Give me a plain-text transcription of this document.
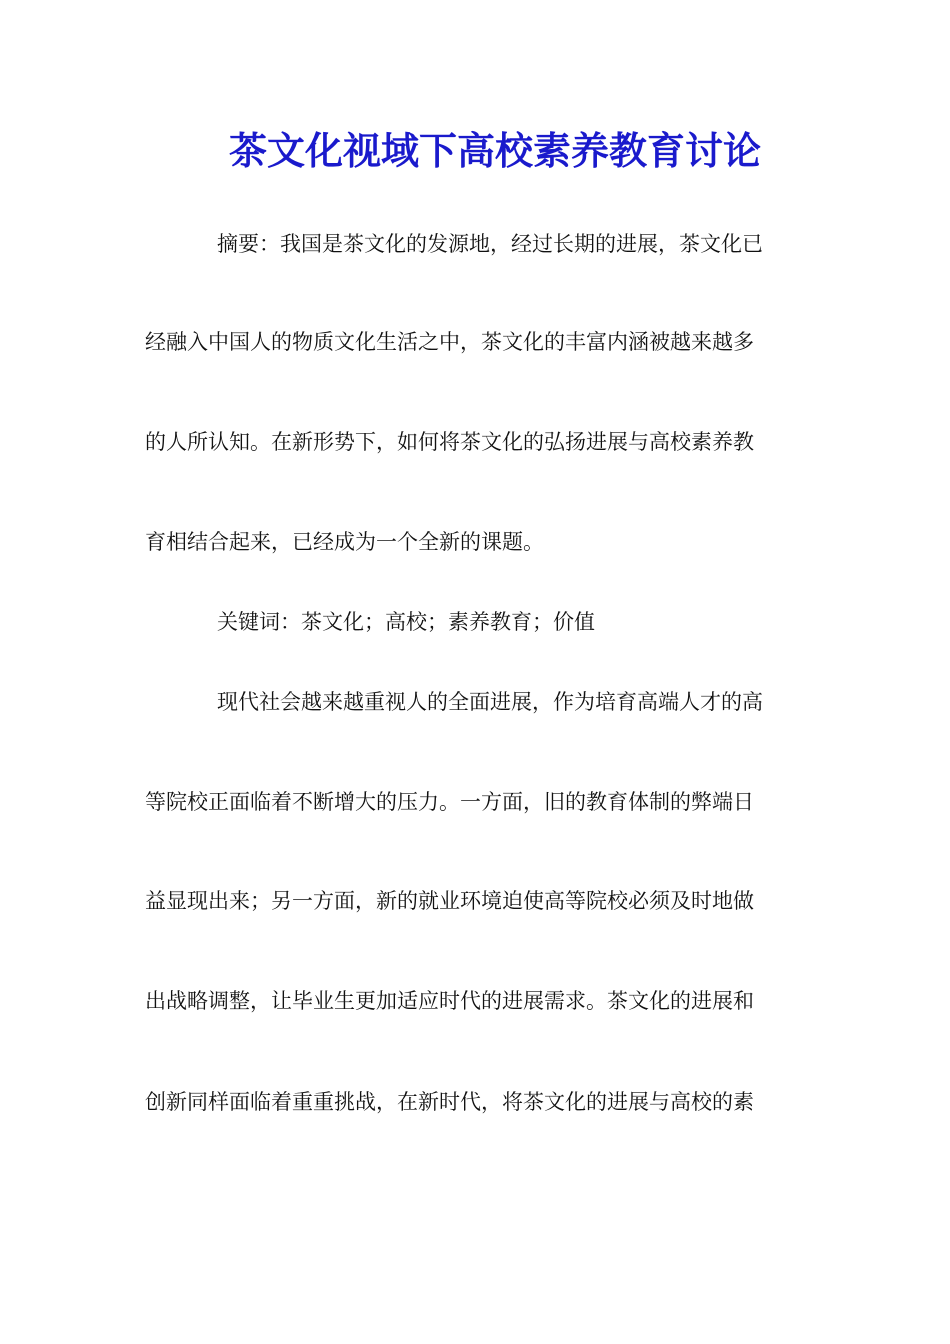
茶文化视域下高校素养教育讨论

摘要：我国是茶文化的发源地，经过长期的进展，茶文化已

经融入中国人的物质文化生活之中，茶文化的丰富内涵被越来越多

的人所认知。在新形势下，如何将茶文化的弘扬进展与高校素养教

育相结合起来，已经成为一个全新的课题。

关键词：茶文化；高校；素养教育；价值

现代社会越来越重视人的全面进展，作为培育高端人才的高

等院校正面临着不断增大的压力。一方面，旧的教育体制的弊端日

益显现出来；另一方面，新的就业环境迫使高等院校必须及时地做

出战略调整，让毕业生更加适应时代的进展需求。茶文化的进展和

创新同样面临着重重挑战，在新时代，将茶文化的进展与高校的素
